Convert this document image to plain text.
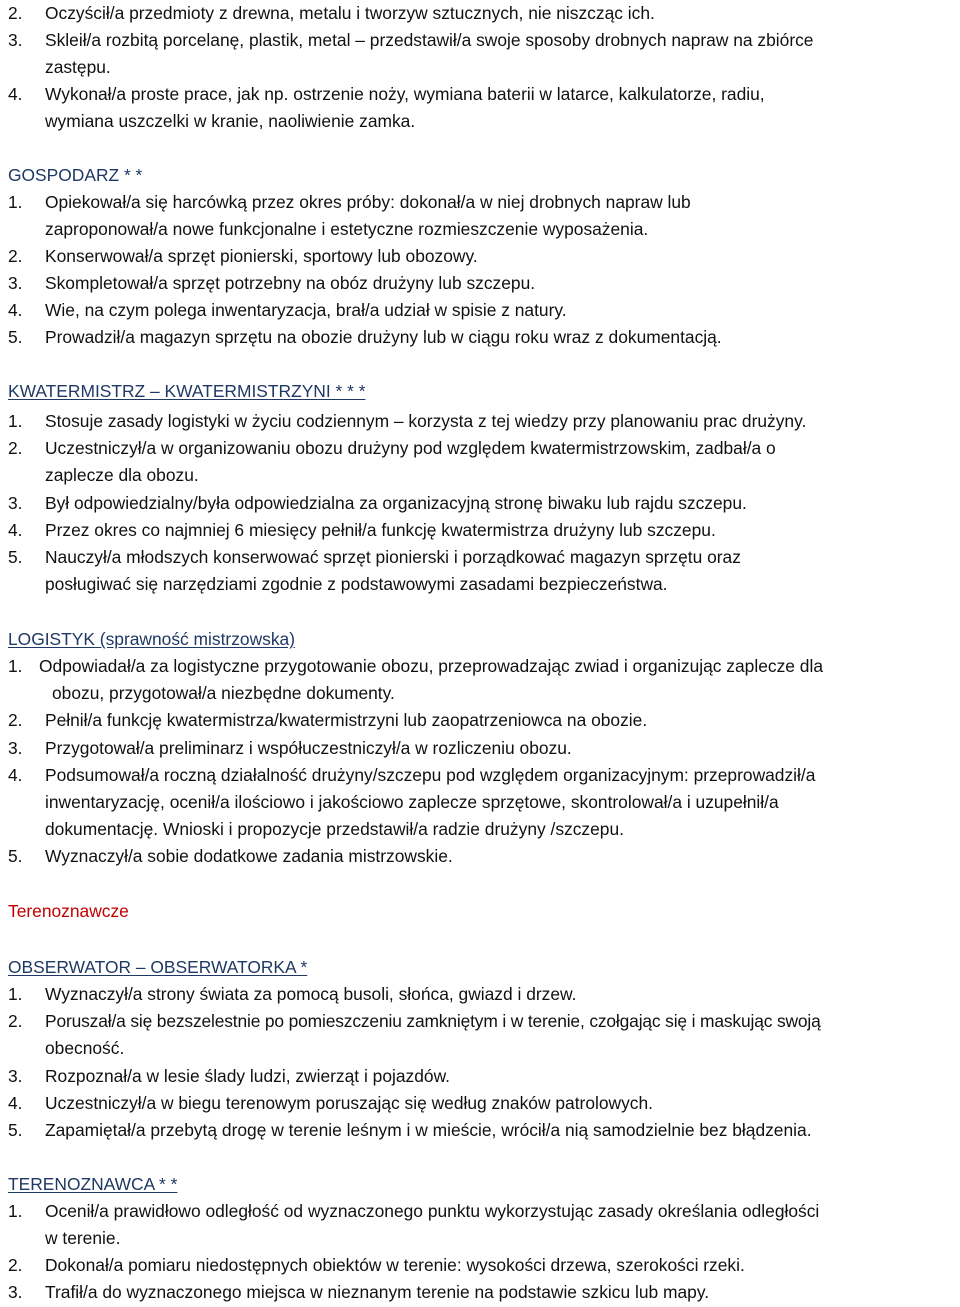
2. Oczyścił/a przedmioty z drewna, metalu i tworzyw sztucznych, nie niszcząc ich.
3. Skleił/a rozbitą porcelanę, plastik, metal – przedstawił/a swoje sposoby drobnych napraw na zbiórce
zastępu.
4. Wykonał/a proste prace, jak np. ostrzenie noży, wymiana baterii w latarce, kalkulatorze, radiu,
wymiana uszczelki w kranie, naoliwienie zamka.
GOSPODARZ * *
1. Opiekował/a się harcówką przez okres próby: dokonał/a w niej drobnych napraw lub
zaproponował/a nowe funkcjonalne i estetyczne rozmieszczenie wyposażenia.
2. Konserwował/a sprzęt pionierski, sportowy lub obozowy.
3. Skompletował/a sprzęt potrzebny na obóz drużyny lub szczepu.
4. Wie, na czym polega inwentaryzacja, brał/a udział w spisie z natury.
5. Prowadził/a magazyn sprzętu na obozie drużyny lub w ciągu roku wraz z dokumentacją.
KWATERMISTRZ – KWATERMISTRZYNI * * *
1. Stosuje zasady logistyki w życiu codziennym – korzysta z tej wiedzy przy planowaniu prac drużyny.
2. Uczestniczył/a w organizowaniu obozu drużyny pod względem kwatermistrzowskim, zadbał/a o
zaplecze dla obozu.
3. Był odpowiedzialny/była odpowiedzialna za organizacyjną stronę biwaku lub rajdu szczepu.
4. Przez okres co najmniej 6 miesięcy pełnił/a funkcję kwatermistrza drużyny lub szczepu.
5. Nauczył/a młodszych konserwować sprzęt pionierski i porządkować magazyn sprzętu oraz
posługiwać się narzędziami zgodnie z podstawowymi zasadami bezpieczeństwa.
LOGISTYK (sprawność mistrzowska)
1. Odpowiadał/a za logistyczne przygotowanie obozu, przeprowadzając zwiad i organizując zaplecze dla
obozu, przygotował/a niezbędne dokumenty.
2. Pełnił/a funkcję kwatermistrza/kwatermistrzyni lub zaopatrzeniowca na obozie.
3. Przygotował/a preliminarz i współuczestniczył/a w rozliczeniu obozu.
4. Podsumował/a roczną działalność drużyny/szczepu pod względem organizacyjnym: przeprowadził/a
inwentaryzację, ocenił/a ilościowo i jakościowo zaplecze sprzętowe, skontrolował/a i uzupełnił/a
dokumentację. Wnioski i propozycje przedstawił/a radzie drużyny /szczepu.
5. Wyznaczył/a sobie dodatkowe zadania mistrzowskie.
Terenoznawcze
OBSERWATOR – OBSERWATORKA *
1. Wyznaczył/a strony świata za pomocą busoli, słońca, gwiazd i drzew.
2. Poruszał/a się bezszelestnie po pomieszczeniu zamkniętym i w terenie, czołgając się i maskując swoją
obecność.
3. Rozpoznał/a w lesie ślady ludzi, zwierząt i pojazdów.
4. Uczestniczył/a w biegu terenowym poruszając się według znaków patrolowych.
5. Zapamiętał/a przebytą drogę w terenie leśnym i w mieście, wrócił/a nią samodzielnie bez błądzenia.
TERENOZNAWCA * *
1. Ocenił/a prawidłowo odległość od wyznaczonego punktu wykorzystując zasady określania odległości
w terenie.
2. Dokonał/a pomiaru niedostępnych obiektów w terenie: wysokości drzewa, szerokości rzeki.
3. Trafił/a do wyznaczonego miejsca w nieznanym terenie na podstawie szkicu lub mapy.
